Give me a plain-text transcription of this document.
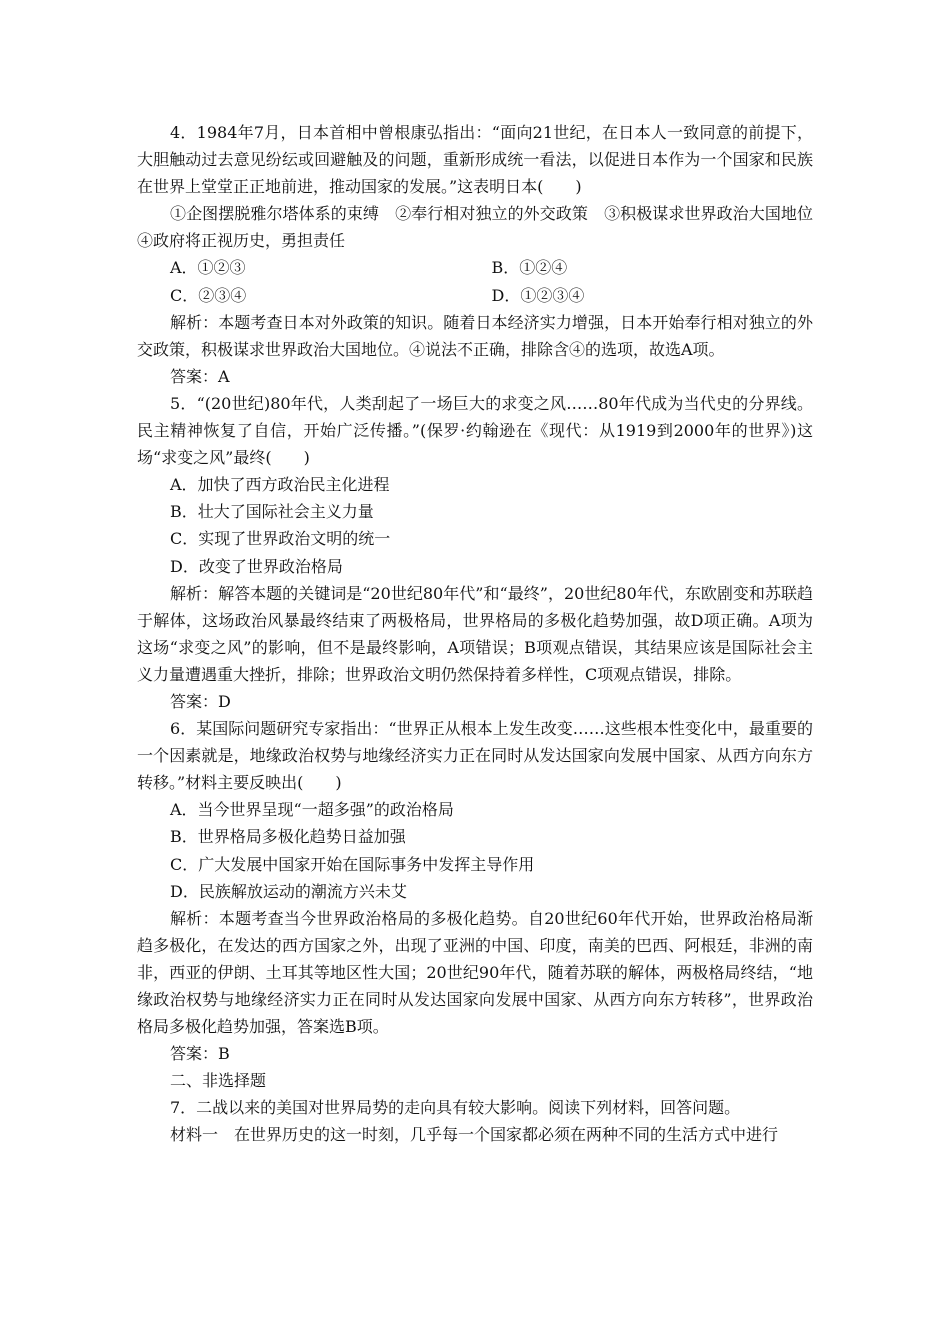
4．1984年7月，日本首相中曾根康弘指出：“面向21世纪，在日本人一致同意的前提下，大胆触动过去意见纷纭或回避触及的问题，重新形成统一看法，以促进日本作为一个国家和民族在世界上堂堂正正地前进，推动国家的发展。”这表明日本(　　)

①企图摆脱雅尔塔体系的束缚　②奉行相对独立的外交政策　③积极谋求世界政治大国地位　④政府将正视历史，勇担责任

A．①②③	B．①②④
C．②③④	D．①②③④

解析：本题考查日本对外政策的知识。随着日本经济实力增强，日本开始奉行相对独立的外交政策，积极谋求世界政治大国地位。④说法不正确，排除含④的选项，故选A项。

答案：A

5．“(20世纪)80年代，人类刮起了一场巨大的求变之风……80年代成为当代史的分界线。民主精神恢复了自信，开始广泛传播。”(保罗·约翰逊在《现代：从1919到2000年的世界》)这场“求变之风”最终(　　)

A．加快了西方政治民主化进程

B．壮大了国际社会主义力量

C．实现了世界政治文明的统一

D．改变了世界政治格局

解析：解答本题的关键词是“20世纪80年代”和“最终”，20世纪80年代，东欧剧变和苏联趋于解体，这场政治风暴最终结束了两极格局，世界格局的多极化趋势加强，故D项正确。A项为这场“求变之风”的影响，但不是最终影响，A项错误；B项观点错误，其结果应该是国际社会主义力量遭遇重大挫折，排除；世界政治文明仍然保持着多样性，C项观点错误，排除。

答案：D

6．某国际问题研究专家指出：“世界正从根本上发生改变……这些根本性变化中，最重要的一个因素就是，地缘政治权势与地缘经济实力正在同时从发达国家向发展中国家、从西方向东方转移。”材料主要反映出(　　)

A．当今世界呈现“一超多强”的政治格局

B．世界格局多极化趋势日益加强

C．广大发展中国家开始在国际事务中发挥主导作用

D．民族解放运动的潮流方兴未艾

解析：本题考查当今世界政治格局的多极化趋势。自20世纪60年代开始，世界政治格局渐趋多极化，在发达的西方国家之外，出现了亚洲的中国、印度，南美的巴西、阿根廷，非洲的南非，西亚的伊朗、土耳其等地区性大国；20世纪90年代，随着苏联的解体，两极格局终结，“地缘政治权势与地缘经济实力正在同时从发达国家向发展中国家、从西方向东方转移”，世界政治格局多极化趋势加强，答案选B项。

答案：B

二、非选择题

7．二战以来的美国对世界局势的走向具有较大影响。阅读下列材料，回答问题。

材料一　在世界历史的这一时刻，几乎每一个国家都必须在两种不同的生活方式中进行
